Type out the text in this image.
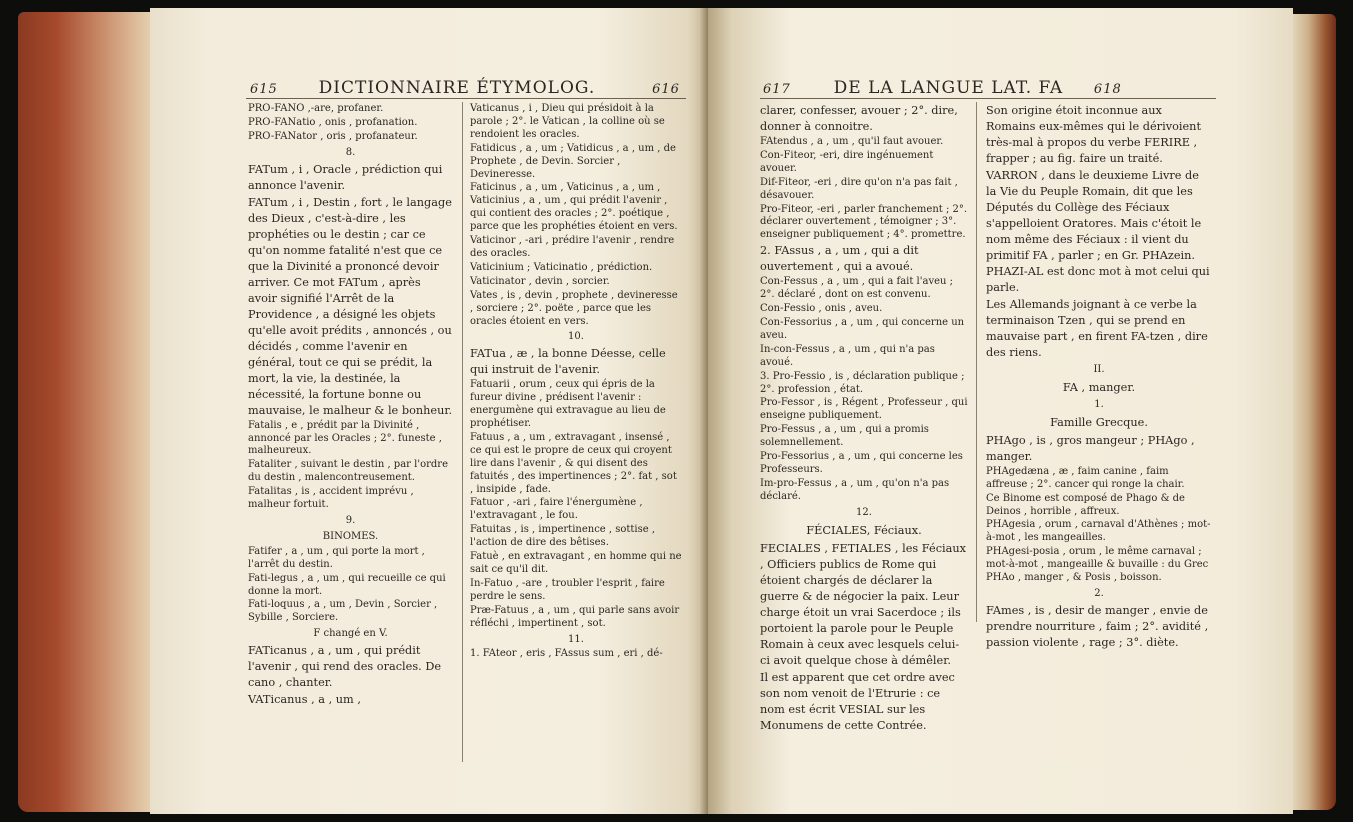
615 DICTIONNAIRE ÉTYMOLOG.	616

PRO-FANO ,-are, profaner.

PRO-FANatio , onis , profanation.

PRO-FANator , oris , profanateur.

8.

FATum , i , Oracle , prédiction qui annonce l'avenir.

FATum , i , Destin , fort , le langage des Dieux , c'est-à-dire , les prophéties ou le destin ; car ce qu'on nomme fatalité n'est que ce que la Divinité a prononcé devoir arriver. Ce mot FATum , après avoir signifié l'Arrêt de la Providence , a désigné les objets qu'elle avoit prédits , annoncés , ou décidés , comme l'avenir en général, tout ce qui se prédit, la mort, la vie, la destinée, la nécessité, la fortune bonne ou mauvaise, le malheur & le bonheur.

Fatalis , e , prédit par la Divinité , annoncé par les Oracles ; 2°. funeste , malheureux.

Fataliter , suivant le destin , par l'ordre du destin , malencontreusement.

Fatalitas , is , accident imprévu , malheur fortuit.

9.

BINOMES.

Fatifer , a , um , qui porte la mort , l'arrêt du destin.

Fati-legus , a , um , qui recueille ce qui donne la mort.

Fati-loquus , a , um , Devin , Sorcier , Sybille , Sorciere.

F changé en V.

FATicanus , a , um , qui prédit l'avenir , qui rend des oracles. De cano , chanter.

VATicanus , a , um ,

Vaticanus , i , Dieu qui présidoit à la parole ; 2°. le Vatican , la colline où se rendoient les oracles.

Fatidicus , a , um ; Vatidicus , a , um , de Prophete , de Devin. Sorcier , Devineresse.

Faticinus , a , um , Vaticinus , a , um , Vaticinius , a , um , qui prédit l'avenir , qui contient des oracles ; 2°. poétique , parce que les prophéties étoient en vers.

Vaticinor , -ari , prédire l'avenir , rendre des oracles.

Vaticinium ; Vaticinatio , prédiction.

Vaticinator , devin , sorcier.

Vates , is , devin , prophete , devineresse , sorciere ; 2°. poëte , parce que les oracles étoient en vers.

10.

FATua , æ , la bonne Déesse, celle qui instruit de l'avenir.

Fatuarii , orum , ceux qui épris de la fureur divine , prédisent l'avenir : energumène qui extravague au lieu de prophétiser.

Fatuus , a , um , extravagant , insensé , ce qui est le propre de ceux qui croyent lire dans l'avenir , & qui disent des fatuités , des impertinences ; 2°. fat , sot , insipide , fade.

Fatuor , -ari , faire l'énergumène , l'extravagant , le fou.

Fatuitas , is , impertinence , sottise , l'action de dire des bêtises.

Fatuè , en extravagant , en homme qui ne sait ce qu'il dit.

In-Fatuo , -are , troubler l'esprit , faire perdre le sens.

Præ-Fatuus , a , um , qui parle sans avoir réfléchi , impertinent , sot.

11.

1. FAteor , eris , FAssus sum , eri , dé-

617	DE LA LANGUE LAT. FA 618

clarer, confesser, avouer ; 2°. dire, donner à connoitre.

FAtendus , a , um , qu'il faut avouer.

Con-Fiteor, -eri, dire ingénuement avouer.

Dif-Fiteor, -eri , dire qu'on n'a pas fait , désavouer.

Pro-Fiteor, -eri , parler franchement ; 2°. déclarer ouvertement , témoigner ; 3°. enseigner publiquement ; 4°. promettre.

2. FAssus , a , um , qui a dit ouvertement , qui a avoué.

Con-Fessus , a , um , qui a fait l'aveu ; 2°. déclaré , dont on est convenu.

Con-Fessio , onis , aveu.

Con-Fessorius , a , um , qui concerne un aveu.

In-con-Fessus , a , um , qui n'a pas avoué.

3. Pro-Fessio , is , déclaration publique ; 2°. profession , état.

Pro-Fessor , is , Régent , Professeur , qui enseigne publiquement.

Pro-Fessus , a , um , qui a promis solemnellement.

Pro-Fessorius , a , um , qui concerne les Professeurs.

Im-pro-Fessus , a , um , qu'on n'a pas déclaré.

12.

FÉCIALES, Féciaux.

FECIALES , FETIALES , les Féciaux , Officiers publics de Rome qui étoient chargés de déclarer la guerre & de négocier la paix. Leur charge étoit un vrai Sacerdoce ; ils portoient la parole pour le Peuple Romain à ceux avec lesquels celui-ci avoit quelque chose à démêler.

Il est apparent que cet ordre avec son nom venoit de l'Etrurie : ce nom est écrit VESIAL sur les Monumens de cette Contrée.

Son origine étoit inconnue aux Romains eux-mêmes qui le dérivoient très-mal à propos du verbe FERIRE , frapper ; au fig. faire un traité.

VARRON , dans le deuxieme Livre de la Vie du Peuple Romain, dit que les Députés du Collège des Féciaux s'appelloient Oratores. Mais c'étoit le nom même des Féciaux : il vient du primitif FA , parler ; en Gr. PHAzein. PHAZI-AL est donc mot à mot celui qui parle.

Les Allemands joignant à ce verbe la terminaison Tzen , qui se prend en mauvaise part , en firent FA-tzen , dire des riens.

II.

FA , manger.

1.

Famille Grecque.

PHAgo , is , gros mangeur ; PHAgo , manger.

PHAgedæna , æ , faim canine , faim affreuse ; 2°. cancer qui ronge la chair.

Ce Binome est composé de Phago & de Deinos , horrible , affreux.

PHAgesia , orum , carnaval d'Athènes ; mot-à-mot , les mangeailles.

PHAgesi-posia , orum , le même carnaval ; mot-à-mot , mangeaille & buvaille : du Grec PHAo , manger , & Posis , boisson.

2.

FAmes , is , desir de manger , envie de prendre nourriture , faim ; 2°. avidité , passion violente , rage ; 3°. diète.
